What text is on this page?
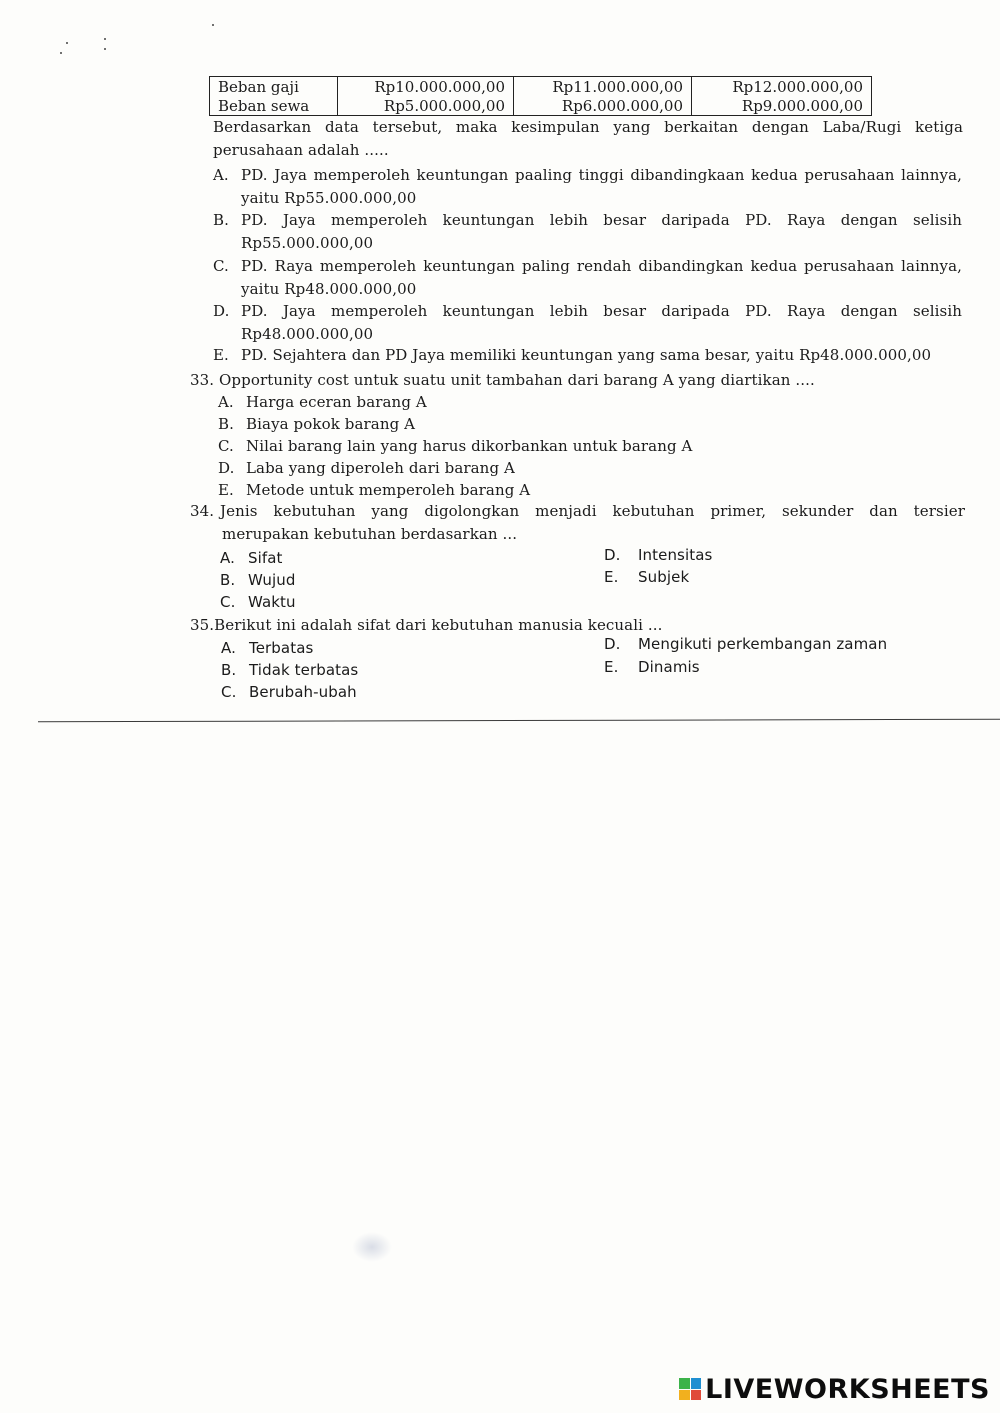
Beban gaji	Rp10.000.000,00	Rp11.000.000,00	Rp12.000.000,00
Beban sewa	Rp5.000.000,00	Rp6.000.000,00	Rp9.000.000,00
Berdasarkan data tersebut, maka kesimpulan yang berkaitan dengan Laba/Rugi ketiga
perusahaan adalah .....
A. PD. Jaya memperoleh keuntungan paaling tinggi dibandingkaan kedua perusahaan lainnya,
yaitu Rp55.000.000,00
B. PD. Jaya memperoleh keuntungan lebih besar daripada PD. Raya dengan selisih
Rp55.000.000,00
C. PD. Raya memperoleh keuntungan paling rendah dibandingkan kedua perusahaan lainnya,
yaitu Rp48.000.000,00
D. PD. Jaya memperoleh keuntungan lebih besar daripada PD. Raya dengan selisih
Rp48.000.000,00
E. PD. Sejahtera dan PD Jaya memiliki keuntungan yang sama besar, yaitu Rp48.000.000,00
33. Opportunity cost untuk suatu unit tambahan dari barang A yang diartikan ....
A. Harga eceran barang A
B. Biaya pokok barang A
C. Nilai barang lain yang harus dikorbankan untuk barang A
D. Laba yang diperoleh dari barang A
E. Metode untuk memperoleh barang A
34. Jenis kebutuhan yang digolongkan menjadi kebutuhan primer, sekunder dan tersier
merupakan kebutuhan berdasarkan ...
A. Sifat
B. Wujud
C. Waktu
D. Intensitas
E. Subjek
35.Berikut ini adalah sifat dari kebutuhan manusia kecuali ...
A. Terbatas
B. Tidak terbatas
C. Berubah-ubah
D. Mengikuti perkembangan zaman
E. Dinamis
LIVEWORKSHEETS
